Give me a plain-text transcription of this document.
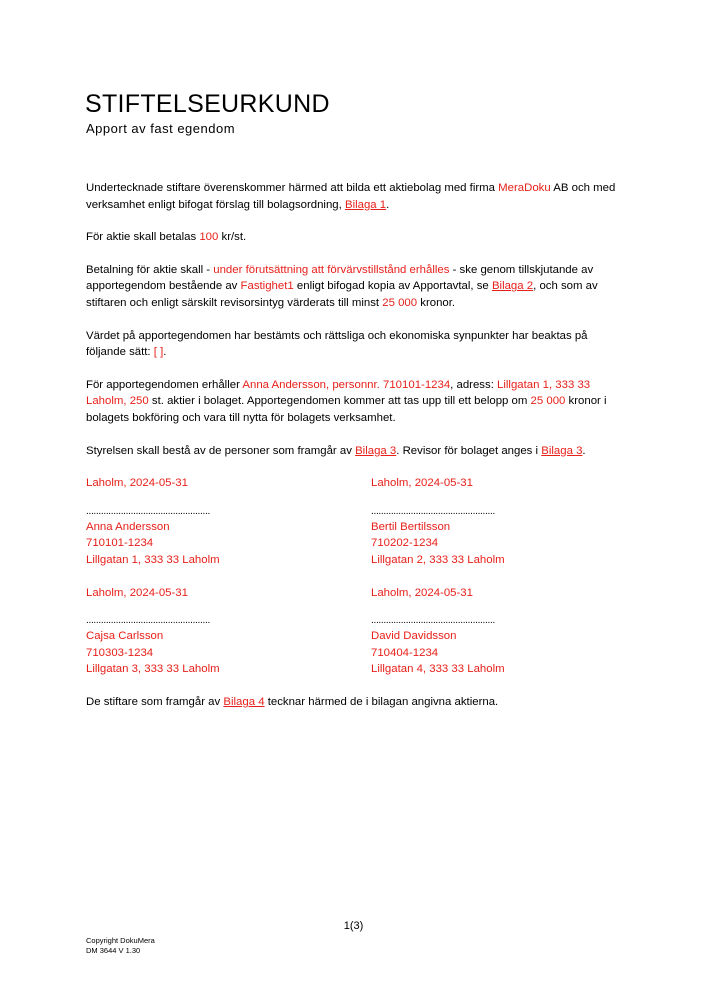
STIFTELSEURKUND
Apport av fast egendom

Undertecknade stiftare överenskommer härmed att bilda ett aktiebolag med firma MeraDoku AB och med verksamhet enligt bifogat förslag till bolagsordning, Bilaga 1.

För aktie skall betalas 100 kr/st.

Betalning för aktie skall - under förutsättning att förvärvstillstånd erhålles - ske genom tillskjutande av apportegendom bestående av Fastighet1 enligt bifogad kopia av Apportavtal, se Bilaga 2, och som av stiftaren och enligt särskilt revisorsintyg värderats till minst 25 000 kronor.

Värdet på apportegendomen har bestämts och rättsliga och ekonomiska synpunkter har beaktas på följande sätt: [ ].

För apportegendomen erhåller Anna Andersson, personnr. 710101-1234, adress: Lillgatan 1, 333 33 Laholm, 250 st. aktier i bolaget. Apportegendomen kommer att tas upp till ett belopp om 25 000 kronor i bolagets bokföring och vara till nytta för bolagets verksamhet.

Styrelsen skall bestå av de personer som framgår av Bilaga 3. Revisor för bolaget anges i Bilaga 3.

Laholm, 2024-05-31
..................................................
Anna Andersson
710101-1234
Lillgatan 1, 333 33 Laholm
Laholm, 2024-05-31
..................................................
Bertil Bertilsson
710202-1234
Lillgatan 2, 333 33 Laholm
Laholm, 2024-05-31
..................................................
Cajsa Carlsson
710303-1234
Lillgatan 3, 333 33 Laholm
Laholm, 2024-05-31
..................................................
David Davidsson
710404-1234
Lillgatan 4, 333 33 Laholm

De stiftare som framgår av Bilaga 4 tecknar härmed de i bilagan angivna aktierna.

1(3)
Copyright DokuMera
DM 3644 V 1.30
